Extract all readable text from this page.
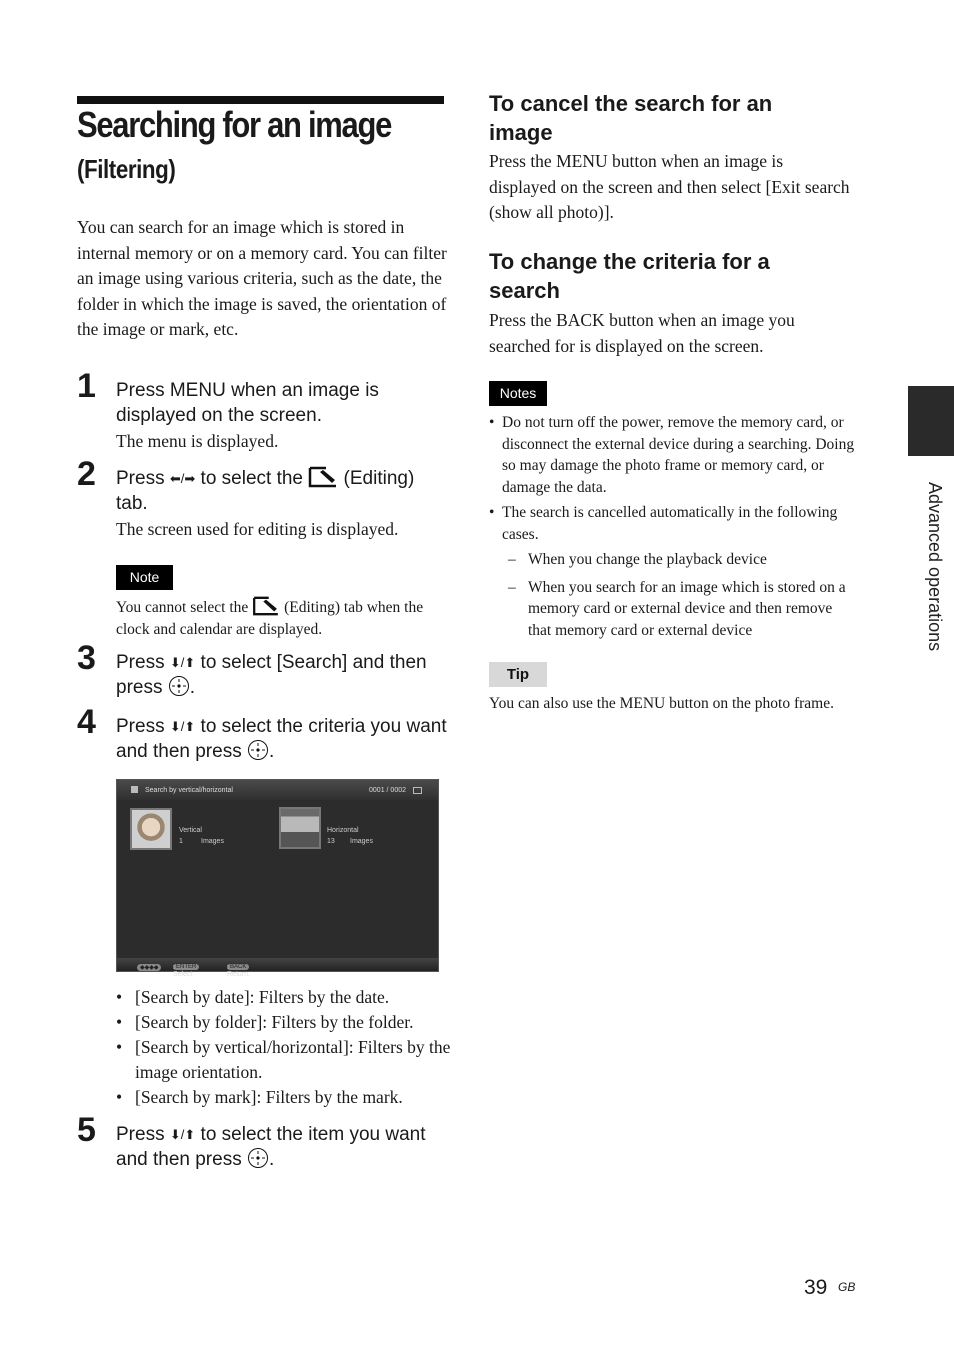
Searching for an image
(Filtering)
You can search for an image which is stored in internal memory or on a memory card. You can filter an image using various criteria, such as the date, the folder in which the image is saved, the orientation of the image or mark, etc.
1 Press MENU when an image is displayed on the screen.
The menu is displayed.
2 Press ⬅/➡ to select the  (Editing) tab.
The screen used for editing is displayed.
Note
You cannot select the  (Editing) tab when the clock and calendar are displayed.
3 Press ⬇/⬆ to select [Search] and then press .
4 Press ⬇/⬆ to select the criteria you want and then press .
Search by vertical/horizontal	0001 / 0002
Vertical
1	Images
Horizontal
13 Images
◆◆◆◆	ENTER
: Select
BACK
: Return.
• [Search by date]: Filters by the date.
• [Search by folder]: Filters by the folder.
• [Search by vertical/horizontal]: Filters by the image orientation.
• [Search by mark]: Filters by the mark.
5 Press ⬇/⬆ to select the item you want and then press .
To cancel the search for an image
Press the MENU button when an image is displayed on the screen and then select [Exit search (show all photo)].
To change the criteria for a search
Press the BACK button when an image you searched for is displayed on the screen.
Notes
• Do not turn off the power, remove the memory card, or disconnect the external device during a searching. Doing so may damage the photo frame or memory card, or damage the data.
• The search is cancelled automatically in the following cases.
– When you change the playback device
– When you search for an image which is stored on a memory card or external device and then remove that memory card or external device
Tip
You can also use the MENU button on the photo frame.
Advanced operations
39 GB
